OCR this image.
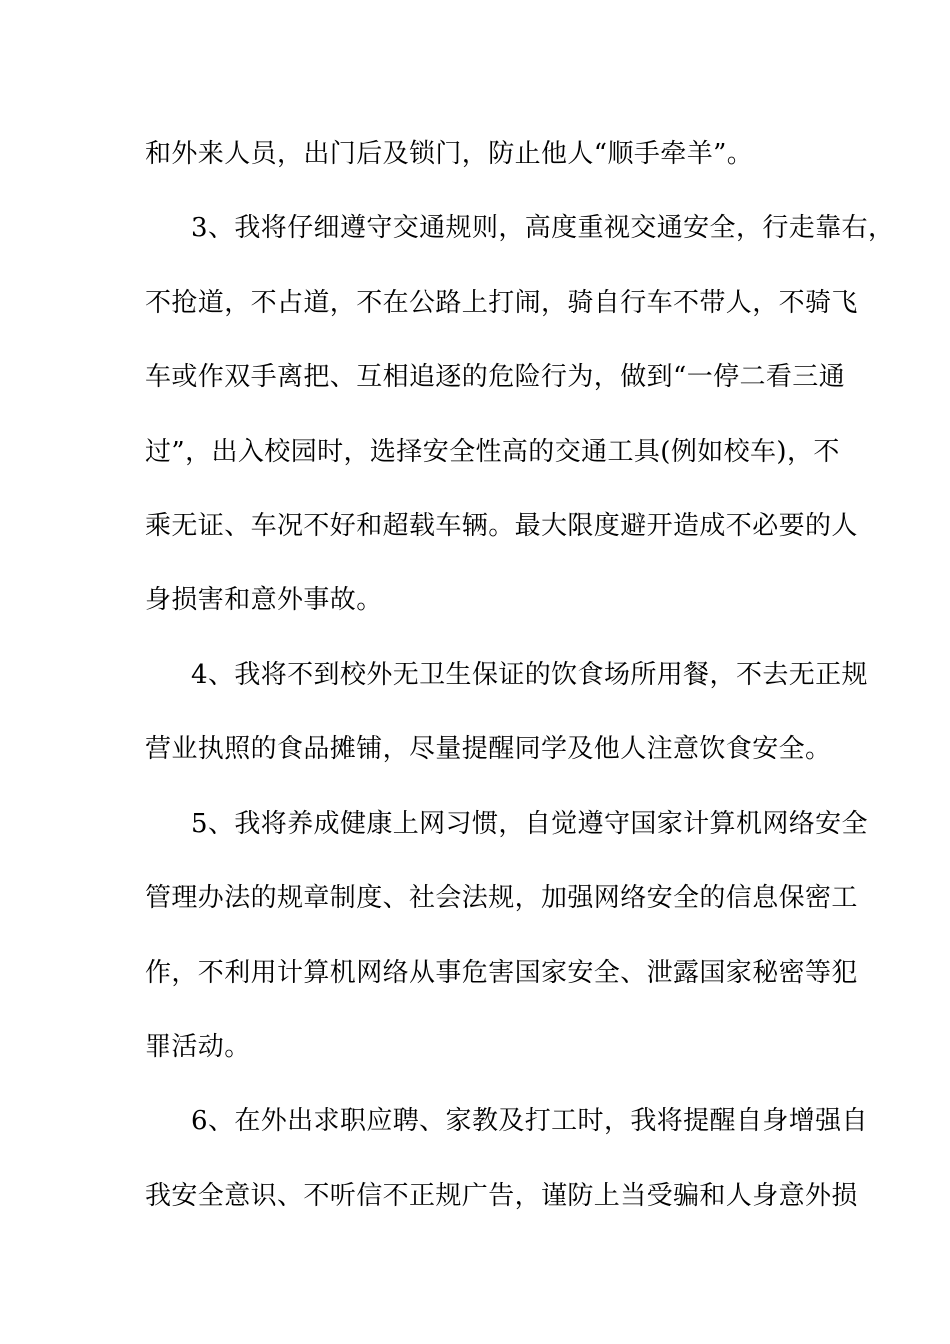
和外来人员，出门后及锁门，防止他人“顺手牵羊”。
3、我将仔细遵守交通规则，高度重视交通安全，行走靠右，
不抢道，不占道，不在公路上打闹，骑自行车不带人，不骑飞
车或作双手离把、互相追逐的危险行为，做到“一停二看三通
过”，出入校园时，选择安全性高的交通工具(例如校车)，不
乘无证、车况不好和超载车辆。最大限度避开造成不必要的人
身损害和意外事故。
4、我将不到校外无卫生保证的饮食场所用餐，不去无正规
营业执照的食品摊铺，尽量提醒同学及他人注意饮食安全。
5、我将养成健康上网习惯，自觉遵守国家计算机网络安全
管理办法的规章制度、社会法规，加强网络安全的信息保密工
作，不利用计算机网络从事危害国家安全、泄露国家秘密等犯
罪活动。
6、在外出求职应聘、家教及打工时，我将提醒自身增强自
我安全意识、不听信不正规广告，谨防上当受骗和人身意外损
